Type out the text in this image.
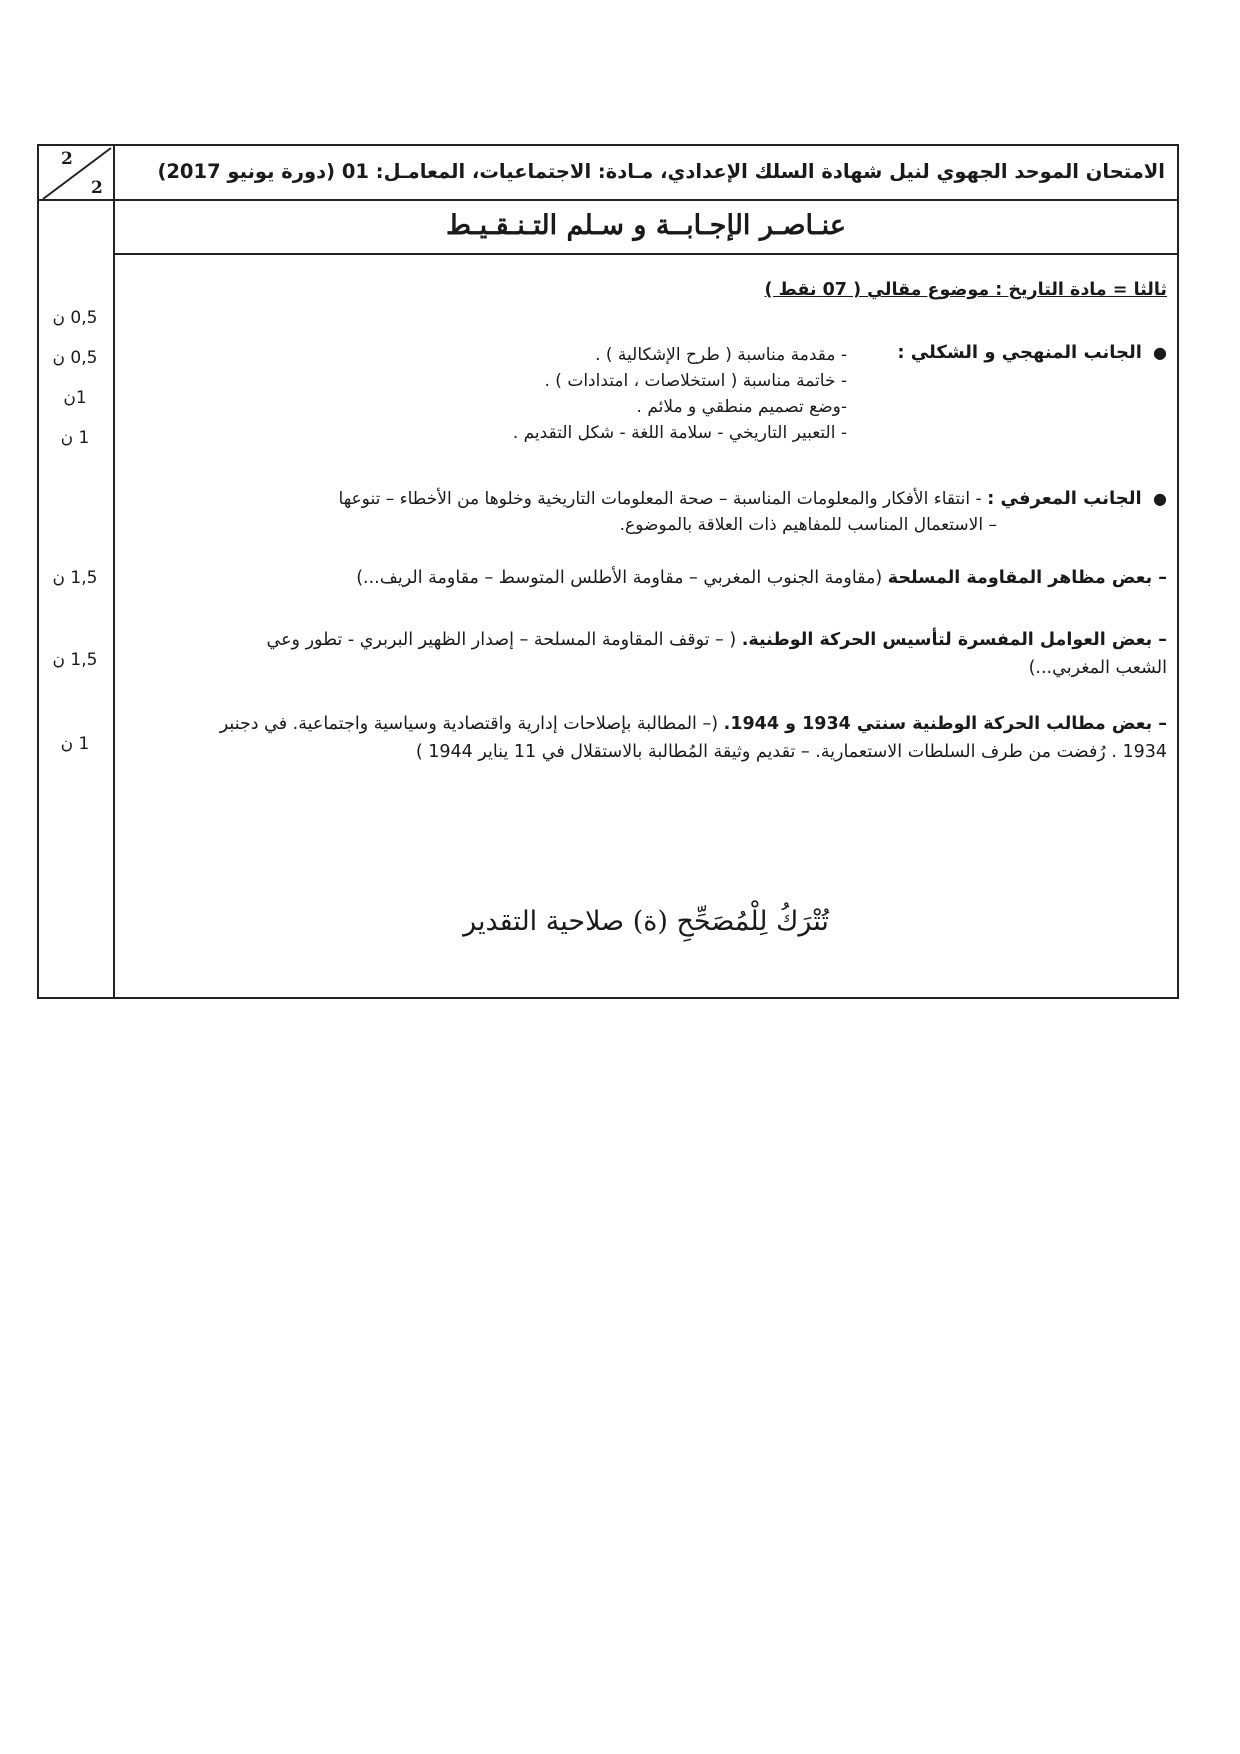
2
2
0,5 ن
0,5 ن
1ن
1 ن
1,5 ن
1,5 ن
1 ن
الامتحان الموحد الجهوي لنيل شهادة السلك الإعدادي، مـادة: الاجتماعيات، المعامـل: 01 (دورة يونيو 2017)
عنـاصـر الإجـابــة و سـلم التـنـقـيـط
ثالثا = مادة التاريخ : موضوع مقالي ( 07 نقط )
● الجانب المنهجي و الشكلي :
- مقدمة مناسبة ( طرح الإشكالية ) .
- خاتمة مناسبة ( استخلاصات ، امتدادات ) .
-وضع تصميم منطقي و ملائم .
- التعبير التاريخي - سلامة اللغة - شكل التقديم .
● الجانب المعرفي : - انتقاء الأفكار والمعلومات المناسبة – صحة المعلومات التاريخية وخلوها من الأخطاء – تنوعها
– الاستعمال المناسب للمفاهيم ذات العلاقة بالموضوع.
– بعض مظاهر المقاومة المسلحة (مقاومة الجنوب المغربي – مقاومة الأطلس المتوسط – مقاومة الريف...)
– بعض العوامل المفسرة لتأسيس الحركة الوطنية. ( – توقف المقاومة المسلحة – إصدار الظهير البربري - تطور وعي الشعب المغربي...)
– بعض مطالب الحركة الوطنية سنتي 1934 و 1944. (– المطالبة بإصلاحات إدارية واقتصادية وسياسية واجتماعية. في دجنبر 1934 . رُفضت من طرف السلطات الاستعمارية. – تقديم وثيقة المُطالبة بالاستقلال في 11 يناير 1944 )
تُتْرَكُ لِلْمُصَحِّحِ (ة) صلاحية التقدير
